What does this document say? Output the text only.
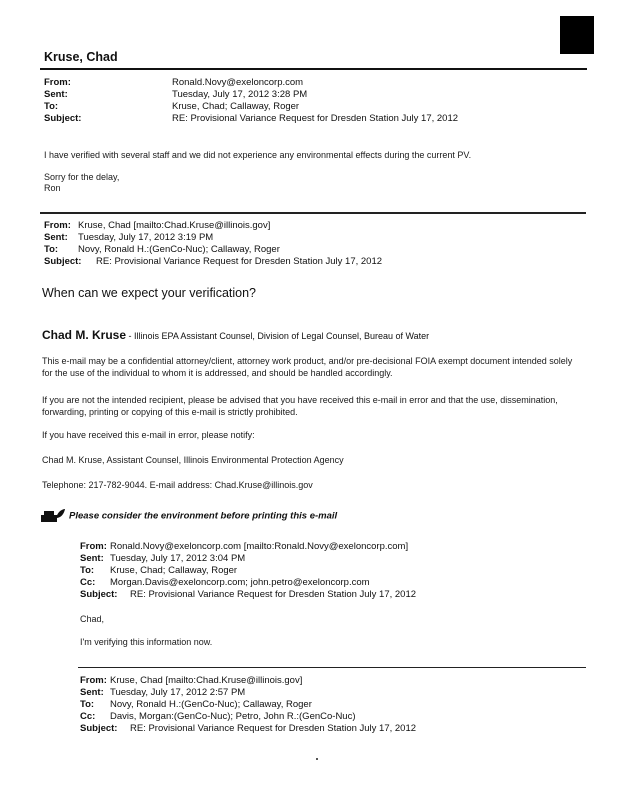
Kruse, Chad
From:	Ronald.Novy@exeloncorp.com
Sent:	Tuesday, July 17, 2012 3:28 PM
To:	Kruse, Chad; Callaway, Roger
Subject:	RE: Provisional Variance Request for Dresden Station July 17, 2012
I have verified with several staff and we did not experience any environmental effects during the current PV.
Sorry for the delay,
Ron
From: Kruse, Chad [mailto:Chad.Kruse@illinois.gov]
Sent: Tuesday, July 17, 2012 3:19 PM
To: Novy, Ronald H.:(GenCo-Nuc); Callaway, Roger
Subject: RE: Provisional Variance Request for Dresden Station July 17, 2012
When can we expect your verification?
Chad M. Kruse - Illinois EPA Assistant Counsel, Division of Legal Counsel, Bureau of Water
This e-mail may be a confidential attorney/client, attorney work product, and/or pre-decisional FOIA exempt document intended solely for the use of the individual to whom it is addressed, and should be handled accordingly.
If you are not the intended recipient, please be advised that you have received this e-mail in error and that the use, dissemination, forwarding, printing or copying of this e-mail is strictly prohibited.
If you have received this e-mail in error, please notify:
Chad M. Kruse, Assistant Counsel, Illinois Environmental Protection Agency
Telephone: 217-782-9044. E-mail address: Chad.Kruse@illinois.gov
Please consider the environment before printing this e-mail
From: Ronald.Novy@exeloncorp.com [mailto:Ronald.Novy@exeloncorp.com]
Sent: Tuesday, July 17, 2012 3:04 PM
To: Kruse, Chad; Callaway, Roger
Cc: Morgan.Davis@exeloncorp.com; john.petro@exeloncorp.com
Subject: RE: Provisional Variance Request for Dresden Station July 17, 2012
Chad,
I'm verifying this information now.
From: Kruse, Chad [mailto:Chad.Kruse@illinois.gov]
Sent: Tuesday, July 17, 2012 2:57 PM
To: Novy, Ronald H.:(GenCo-Nuc); Callaway, Roger
Cc: Davis, Morgan:(GenCo-Nuc); Petro, John R.:(GenCo-Nuc)
Subject: RE: Provisional Variance Request for Dresden Station July 17, 2012
